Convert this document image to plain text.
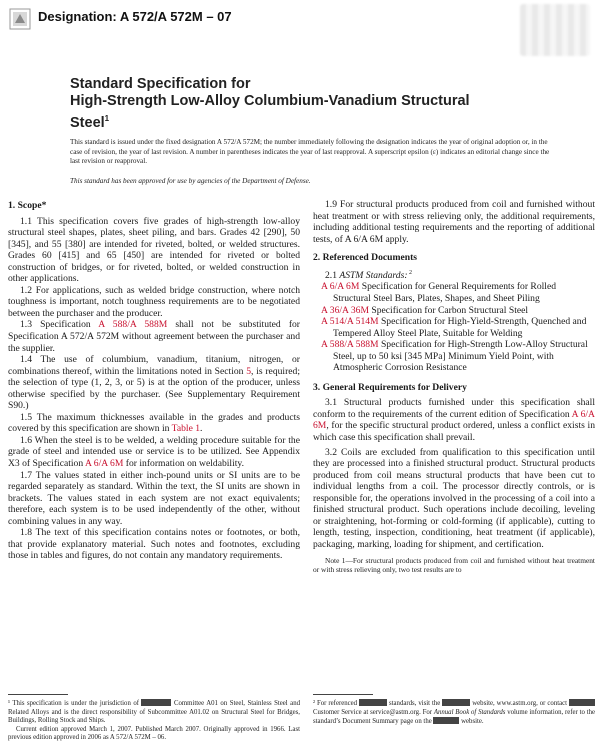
Designation: A 572/A 572M – 07
Standard Specification for
High-Strength Low-Alloy Columbium-Vanadium Structural
Steel$^1$

This standard is issued under the fixed designation A 572/A 572M; the number immediately following the designation indicates the year of original adoption or, in the case of revision, the year of last revision. A number in parentheses indicates the year of last reapproval. A superscript epsilon (ε) indicates an editorial change since the last revision or reapproval.

This standard has been approved for use by agencies of the Department of Defense.

1. Scope*

1.1 This specification covers five grades of high-strength low-alloy structural steel shapes, plates, sheet piling, and bars. Grades 42 [290], 50 [345], and 55 [380] are intended for riveted, bolted, or welded structures. Grades 60 [415] and 65 [450] are intended for riveted or bolted construction of bridges, or for riveted, bolted, or welded construction in other applications.

1.2 For applications, such as welded bridge construction, where notch toughness is important, notch toughness requirements are to be negotiated between the purchaser and the producer.

1.3 Specification A 588/A 588M shall not be substituted for Specification A 572/A 572M without agreement between the purchaser and the supplier.

1.4 The use of columbium, vanadium, titanium, nitrogen, or combinations thereof, within the limitations noted in Section 5, is required; the selection of type (1, 2, 3, or 5) is at the option of the producer, unless otherwise specified by the purchaser. (See Supplementary Requirement S90.)

1.5 The maximum thicknesses available in the grades and products covered by this specification are shown in Table 1.

1.6 When the steel is to be welded, a welding procedure suitable for the grade of steel and intended use or service is to be utilized. See Appendix X3 of Specification A 6/A 6M for information on weldability.

1.7 The values stated in either inch-pound units or SI units are to be regarded separately as standard. Within the text, the SI units are shown in brackets. The values stated in each system are not exact equivalents; therefore, each system is to be used independently of the other, without combining values in any way.

1.8 The text of this specification contains notes or footnotes, or both, that provide explanatory material. Such notes and footnotes, excluding those in tables and figures, do not contain any mandatory requirements.

1.9 For structural products produced from coil and furnished without heat treatment or with stress relieving only, the additional requirements, including additional testing requirements and the reporting of additional tests, of A 6/A 6M apply.

2. Referenced Documents

2.1 ASTM Standards: $^2$

A 6/A 6M Specification for General Requirements for Rolled Structural Steel Bars, Plates, Shapes, and Sheet Piling

A 36/A 36M Specification for Carbon Structural Steel

A 514/A 514M Specification for High-Yield-Strength, Quenched and Tempered Alloy Steel Plate, Suitable for Welding

A 588/A 588M Specification for High-Strength Low-Alloy Structural Steel, up to 50 ksi [345 MPa] Minimum Yield Point, with Atmospheric Corrosion Resistance

3. General Requirements for Delivery

3.1 Structural products furnished under this specification shall conform to the requirements of the current edition of Specification A 6/A 6M, for the specific structural product ordered, unless a conflict exists in which case this specification shall prevail.

3.2 Coils are excluded from qualification to this specification until they are processed into a finished structural product. Structural products produced from coil means structural products that have been cut to individual lengths from a coil. The processor directly controls, or is responsible for, the operations involved in the processing of a coil into a finished structural product. Such operations include decoiling, leveling or straightening, hot-forming or cold-forming (if applicable), cutting to length, testing, inspection, conditioning, heat treatment (if applicable), packaging, marking, loading for shipment, and certification.

Note 1—For structural products produced from coil and furnished without heat treatment or with stress relieving only, two test results are to

¹ This specification is under the jurisdiction of	Committee A01 on Steel, Stainless Steel and Related Alloys and is the direct responsibility of Subcommittee A01.02 on Structural Steel for Bridges, Buildings, Rolling Stock and Ships.
Current edition approved March 1, 2007. Published March 2007. Originally approved in 1966. Last previous edition approved in 2006 as A 572/A 572M – 06.
² For referenced	standards, visit the	website, www.astm.org, or contact  Customer Service at service@astm.org. For Annual Book of Standards volume information, refer to the standard’s Document Summary page on the	website.
